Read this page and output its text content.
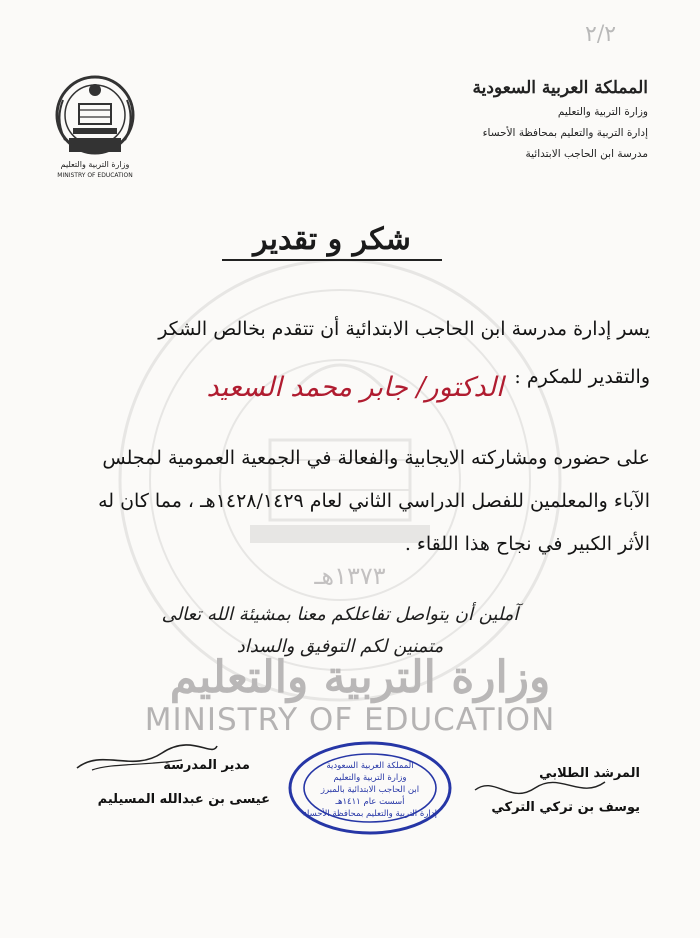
١٣٧٣هـ
وزارة التربية والتعليم
MINISTRY OF EDUCATION
٢/٢
المملكة العربية السعودية
وزارة التربية والتعليم
إدارة التربية والتعليم بمحافظة الأحساء
مدرسة ابن الحاجب الابتدائية
وزارة التربية والتعليم
MINISTRY OF EDUCATION
شكر و تقدير
يسر إدارة مدرسة ابن الحاجب الابتدائية أن تتقدم بخالص الشكر
والتقدير للمكرم :
الدكتور/ جابر محمد السعيد
على حضوره ومشاركته الايجابية والفعالة في الجمعية العمومية لمجلس
الآباء والمعلمين للفصل الدراسي الثاني لعام ١٤٢٨/١٤٢٩هـ ، مما كان له
الأثر الكبير في نجاح هذا اللقاء .
آملين أن يتواصل تفاعلكم معنا بمشيئة الله تعالى
متمنين لكم التوفيق والسداد
مدير المدرسة
عيسى بن عبدالله المسيليم
المرشد الطلابي
يوسف بن تركي التركي
المملكة العربية السعودية
وزارة التربية والتعليم
ابن الحاجب الابتدائية بالمبرز
أسست عام ١٤١١هـ
إدارة التربية والتعليم بمحافظة الأحساء
